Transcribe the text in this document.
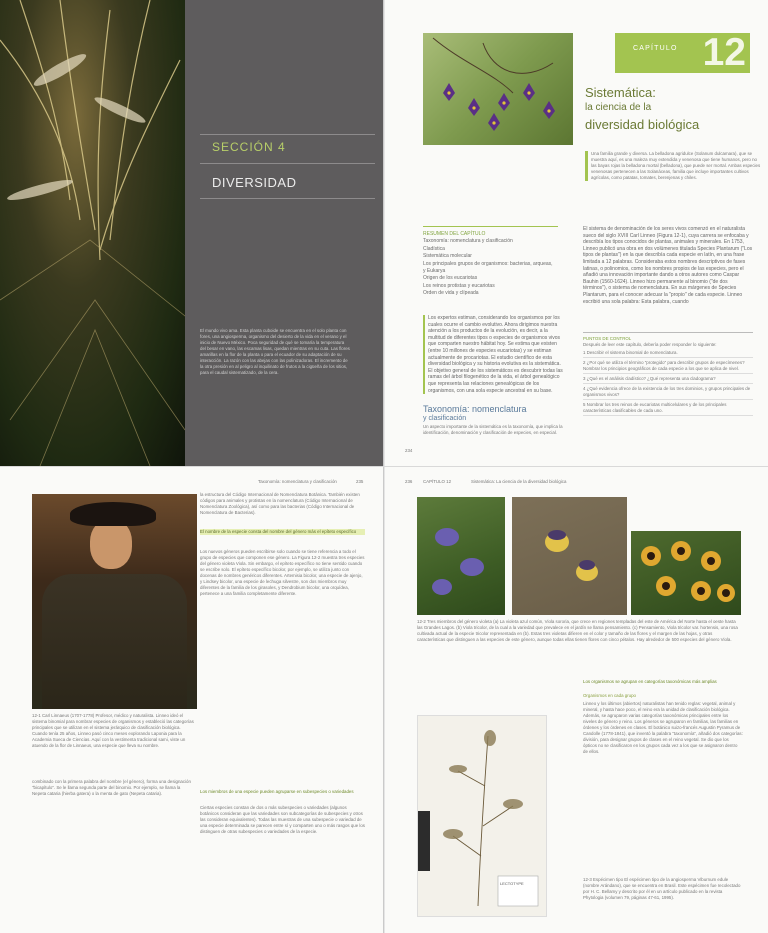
SECCIÓN 4
DIVERSIDAD
El mundo vivo ama. Esta planta cuboide se encuentra en el solo planta con fores, una angiosperma, organismo del desierto de la vida en el verano y el inicio de Nuevo México. Poca seguridad de qué se tomaría la temperatura del besar en vano, las escamas lisas, quedan mientras en su cuta. Las flores amarillas en la flor de la planta o para el ecuador de su adaptación de su interacción. La razón con las abejas con las polinizadoras. El incremento de la otra presión en al peligro al inquilinato de frutos a la cigüeña de los sitios, para el caudal sistematizado, de la cera.
CAPÍTULO 12
Sistemática:
la ciencia de la
diversidad biológica
Una familia grande y diversa. La belladona agridulce (Solanum dulcamara), que se muestra aquí, es una maleza muy extendida y venenosa que tiene humanos, pero no las bayas rojas la belladona mortal (belladona), que puede ser mortal. Ambas especies venenosas pertenecen a las Solanáceas, familia que incluye importantes cultivos agrícolas, como patatas, tomates, berenjenas y chiles.
RESUMEN DEL CAPÍTULO
Taxonomía: nomenclatura y clasificación
Cladística
Sistemática molecular
Los principales grupos de organismos: bacterias, arqueas,
y Eukarya
Origen de los eucariotas
Los reinos protistas y eucariotas
Orden de vida y clípeada
Los expertos estiman, considerando los organismos por los cuales ocurre el cambio evolutivo. Ahora dirigimos nuestra atención a los productos de la evolución, es decir, a la multitud de diferentes tipos o especies de organismos vivos que comparten nuestro hábitat hoy. Se estima que existen (entre 10 millones de especies eucariotas) y se estiman actualmente de procariotas. El estudio científico de esta diversidad biológica y su historia evolutiva es la sistemática. El objetivo general de los sistemáticos es descubrir todas las ramas del árbol filogenético de la vida, el árbol genealógico que representa las relaciones genealógicas de los organismos, con una sola especie ancestral en su base.
Taxonomía: nomenclatura
y clasificación
Un aspecto importante de la sistemática es la taxonomía, que implica la identificación, denominación y clasificación de especies, en especial.
234
El sistema de denominación de los seres vivos comenzó en el naturalista sueco del siglo XVIII Carl Linneo (Figura 12-1), cuya carrera se enfocaba y describía los tipos conocidos de plantas, animales y minerales. En 1753, Linneo publicó una obra en dos volúmenes titulada Species Plantarum ("Los tipos de plantas") en la que describía cada especie en latín, en una frase limitada a 12 palabras. Consideraba estos nombres descriptivos de fases latinas, o polinomios, como los nombres propios de las especies, pero el añadió una innovación importante dando a otros autores como Caspar Bauhin (1560-1624). Linneo hizo permanente al binomio ("de dos términos"), o sistema de nomenclatura. En sus márgenes de Species Plantarum, para el conocer adecuar la "propio" de cada especie. Linneo escribió una sola palabra: Esta palabra, cuando
PUNTOS DE CONTROL
Después de leer este capítulo, debería poder responder lo siguiente:
1 Describir el sistema binomial de nomenclatura.
2 ¿Por qué se utiliza el término "protegido" para describir grupos de especímenes? Nombrar los principios geográficos de cada especie a los que se aplica de nivel.
3 ¿Qué es el análisis cladístico? ¿Qué representa una cladograma?
4 ¿Qué evidencia ofrece de la existencia de los tres dominios, y grupos principales de organismos vivos?
5 Nombrar los tres reinos de eucariotas multicelulares y de los principales características clasificables de cada uno.
Taxonomía: nomenclatura y clasificación	235
12-1 Carl Linnaeus (1707-1778) Profesor, médico y naturalista. Linneo ideó el sistema binomial para nombrar especies de organismos y estableció las categorías principales que se utilizan en el sistema jerárquico de clasificación biológica. Cuando tenía 25 años, Linneo pasó cinco meses explorando Laponia para la Academia Sueca de Ciencias. Aquí con la vestimenta tradicional sami, viste un atuendo de la flor de Linnaeus, una especie que lleva su nombre.
combinado con la primera palabra del nombre (el género), forma una designación "bicapítulo". Se le llama segunda parte del binomio. Por ejemplo, se llama la Nepeta cataria (hierba gatera) o la menta de gato (Nepeta cataria).
la estructura del Código Internacional de Nomenclatura Botánica. También existen códigos para animales y protistas en la nomenclatura (Código Internacional de Nomenclatura Zoológica), así como para las bacterias (Código Internacional de Nomenclatura de Bacterias).
El nombre de la especie consta del nombre del género más el epíteto específico
Los nuevos géneros pueden escribirse solo cuando se tiene referencia a todo el grupo de especies que componen ese género. La Figura 12-2 muestra tres especies del género violeta Viola. Sin embargo, el epíteto específico no tiene sentido cuando se escribe solo. El epíteto específico bicolor, por ejemplo, se utiliza junto con docenas de nombres genéricos diferentes. Artemisia bicolor, una especie de ajenjo, y Lindsey bicolor, una especie de lechuga silvestre, son dos miembros muy diferentes de la familia de los girasoles, y Dendrobium bicolor, una orquídea, pertenece a una familia completamente diferente.
Los miembros de una especie pueden agruparse en subespecies o variedades
Ciertas especies constan de dos o más subespecies o variedades (algunos botánicos consideran que las variedades son subcategorías de subespecies y otros las consideran equivalentes). Todas las muestras de una subespecie o variedad de una especie determinada se parecen entre sí y comparten uno o más rasgos que los distinguen de otras subespecies o variedades de la especie.
236 CAPÍTULO 12	Sistemática: La ciencia de la diversidad biológica
12-2 Tres miembros del género violeta (a) La violeta azul común, Viola sororia, que crece en regiones templadas del este de América del Norte hasta el oeste hasta las Grandes Lagos. (b) Viola tricolor, de la cual a la variedad que prevalece en el jardín se llama pensamiento. (c) Pensamiento, Viola tricolor var. hortensis, una rosa cultivada actual de la especie tricolor representada en (b). Estas tres violetas difieren en el color y tamaño de las flores y el margen de las hojas, y otras características que distinguen a las especies de este género, aunque todas ellas tienen flores con cinco pétalos. Hay alrededor de 500 especies del género Viola.
LECTOTYPE
Los organismos se agrupan en categorías taxonómicas más amplias
Organismos en cada grupo
Linneo y los últimos (abiertos) naturalistas han tenido reglas: vegetal, animal y mineral, y hasta hace poco, el reino era la unidad de clasificación biológica. Además, se agruparon varias categorías taxonómicas principales entre los niveles de género y reino. Los géneros se agruparon en familias, las familias en órdenes y los órdenes en clases. El botánico suizo-francés Augustin Pyramus de Candolle (1778-1841), que inventó la palabra "taxonomía", añadió dos categorías: división, para designar grupos de clases en el reino vegetal. Se dio que los ópticos no se clasificaron en los grupos cada vez a los que se asignaron dentro de ellos.
12-3 Espécimen tipo El espécimen tipo de la angiosperma Viburnum edule (nombre Arándano), que se encuentra en Brasil. Este espécimen fue recolectado por H. C. Bellamy y descrito por él en un artículo publicado en la revista Phytologia (volumen 79, páginas 47-61, 1995).
